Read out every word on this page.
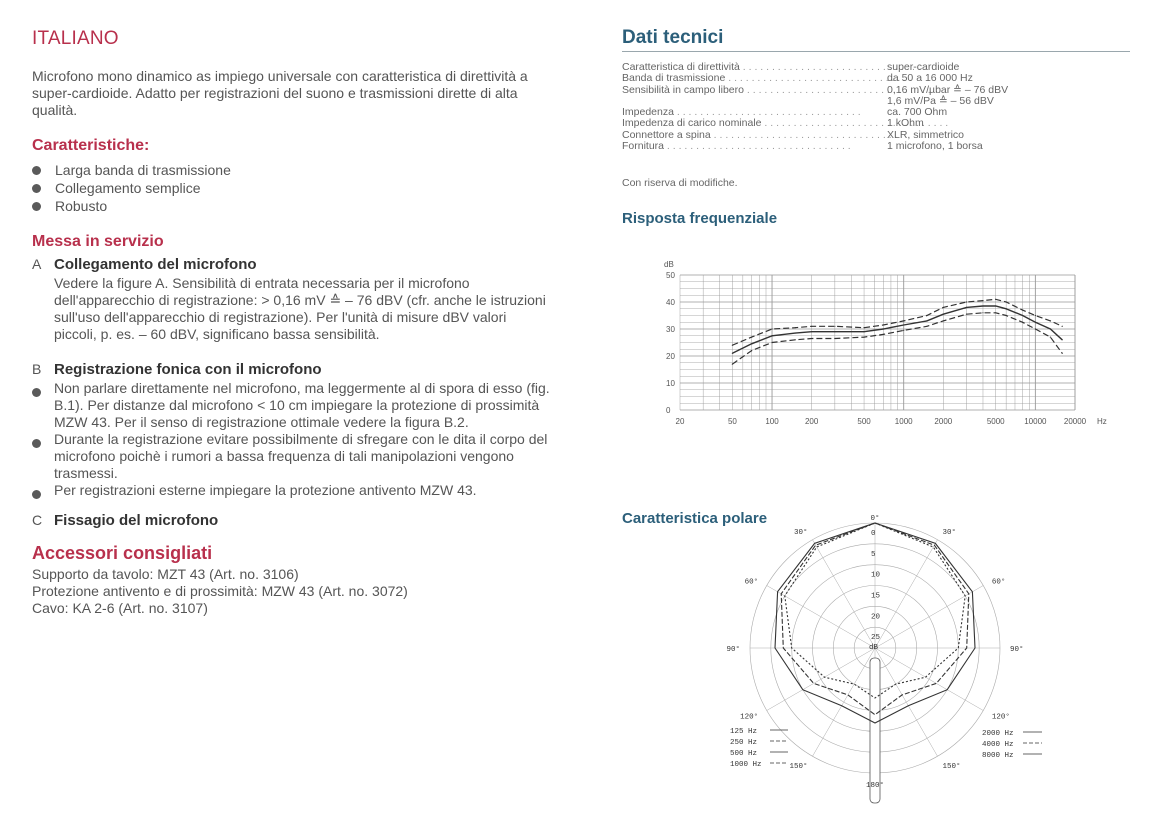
ITALIANO
Microfono mono dinamico as impiego universale con caratteristica di direttività a super-cardioide. Adatto per registrazioni del suono e trasmissioni dirette di alta qualità.
Caratteristiche:
Larga banda di trasmissione
Collegamento semplice
Robusto
Messa in servizio
A Collegamento del microfono
Vedere la figure A. Sensibilità di entrata necessaria per il microfono dell'apparecchio di registrazione: > 0,16 mV ≙ – 76 dBV (cfr. anche le istruzioni sull'uso dell'apparecchio di registrazione). Per l'unità di misure dBV valori piccoli, p. es. – 60 dBV, significano bassa sensibilità.
B Registrazione fonica con il microfono
Non parlare direttamente nel microfono, ma leggermente al di spora di esso (fig. B.1). Per distanze dal microfono < 10 cm impiegare la protezione di prossimità MZW 43. Per il senso di registrazione ottimale vedere la figura B.2.
Durante la registrazione evitare possibilmente di sfregare con le dita il corpo del microfono poichè i rumori a bassa frequenza di tali manipolazioni vengono trasmessi.
Per registrazioni esterne impiegare la protezione antivento MZW 43.
C Fissagio del microfono
Accessori consigliati
Supporto da tavolo: MZT 43 (Art. no. 3106)
Protezione antivento e di prossimità: MZW 43 (Art. no. 3072)
Cavo: KA 2-6 (Art. no. 3107)
Dati tecnici
Caratteristica di direttività . . .	super-cardioide
Banda di trasmissione . . .	da 50 a 16 000 Hz
Sensibilità in campo libero . . .	0,16 mV/µbar ≙ – 76 dBV
1,6 mV/Pa ≙ – 56 dBV
Impedenza . . .	ca. 700 Ohm
Impedenza di carico nominale . . .	1 kOhm
Connettore a spina . . .	XLR, simmetrico
Fornitura . . .	1 microfono, 1 borsa
Con riserva di modifiche.
Risposta frequenziale
0
10
20
30
40
50
dB
20	50	100	200	500	1000	2000	5000 10000 20000 Hz
Caratteristica polare
0
5
10
15
20
25
dB
0°
30°	30°
60°	60°
90°	90°
120°	120°
150°	150°
180°
125 Hz
250 Hz
500 Hz
1000 Hz
2000 Hz
4000 Hz
8000 Hz
